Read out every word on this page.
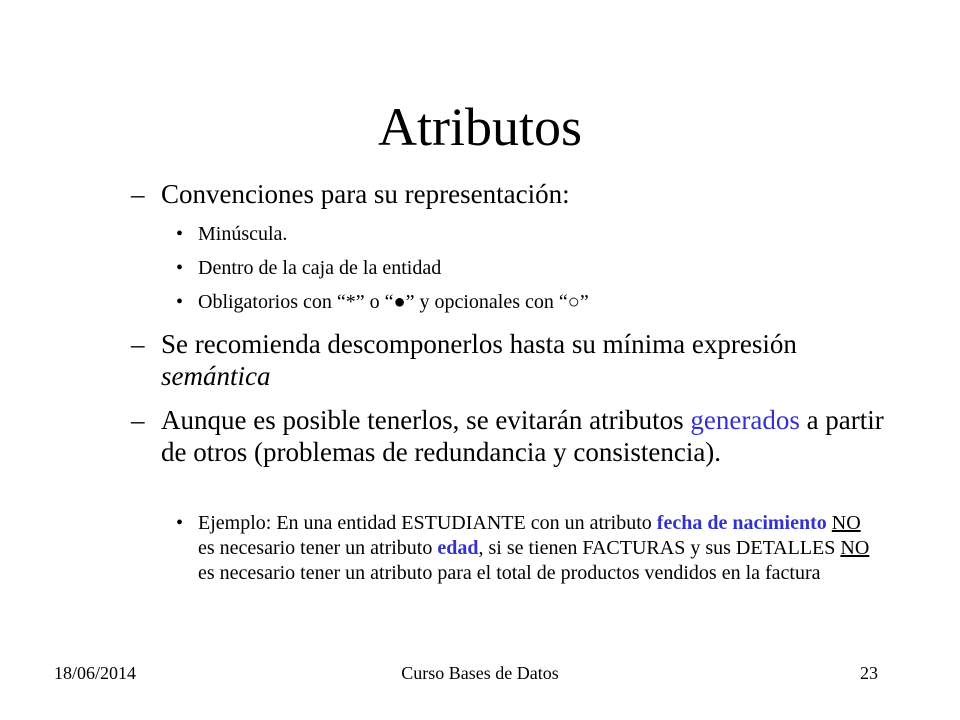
Atributos
– Convenciones para su representación:
• Minúscula.
• Dentro de la caja de la entidad
• Obligatorios con “*” o “●” y opcionales con “○”
– Se recomienda descomponerlos hasta su mínima expresión semántica
– Aunque es posible tenerlos, se evitarán atributos generados a partir de otros (problemas de redundancia y consistencia).
• Ejemplo: En una entidad ESTUDIANTE con un atributo fecha de nacimiento NO es necesario tener un atributo edad, si se tienen FACTURAS y sus DETALLES NO es necesario tener un atributo para el total de productos vendidos en la factura
18/06/2014	Curso Bases de Datos	23
